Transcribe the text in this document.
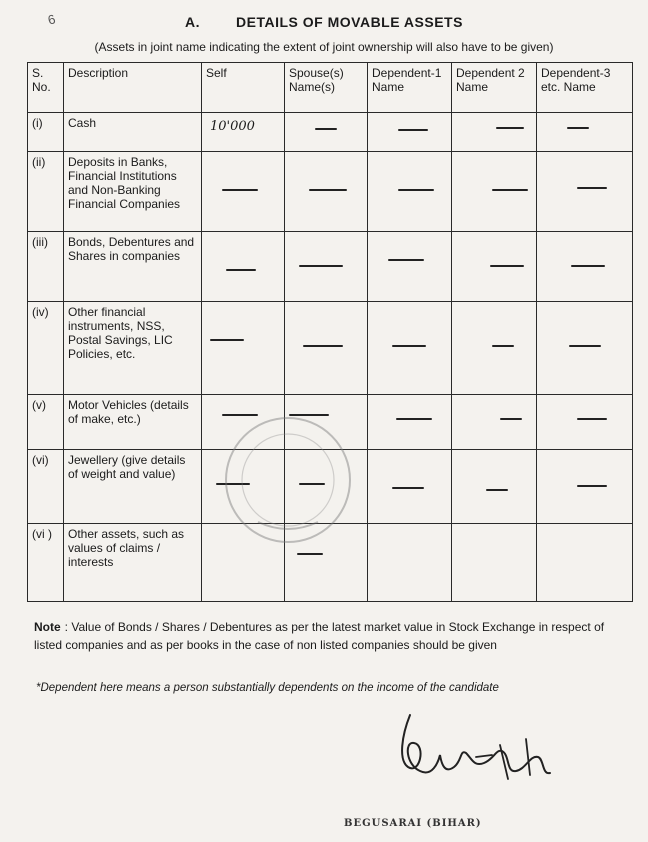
6	A.	DETAILS OF MOVABLE ASSETS
(Assets in joint name indicating the extent of joint ownership will also have to be given)
S. No.	Description	Self	Spouse(s) Name(s)	Dependent-1 Name	Dependent 2 Name	Dependent-3 etc. Name
(i)	Cash	10'000				

(ii)	Deposits in Banks, Financial Institutions and Non-Banking Financial Companies	

(iii)	Bonds, Debentures and Shares in companies	

(iv)	Other financial instruments, NSS, Postal Savings, LIC Policies, etc.	

(v)	Motor Vehicles (details of make, etc.)	

(vi)	Jewellery (give details of weight and value)	

(vi )	Other assets, such as values of claims / interests		

Note : Value of Bonds / Shares / Debentures as per the latest market value in Stock Exchange in respect of listed companies and as per books in the case of non listed companies should be given
*Dependent here means a person substantially dependents on the income of the candidate
BEGUSARAI (BIHAR)
